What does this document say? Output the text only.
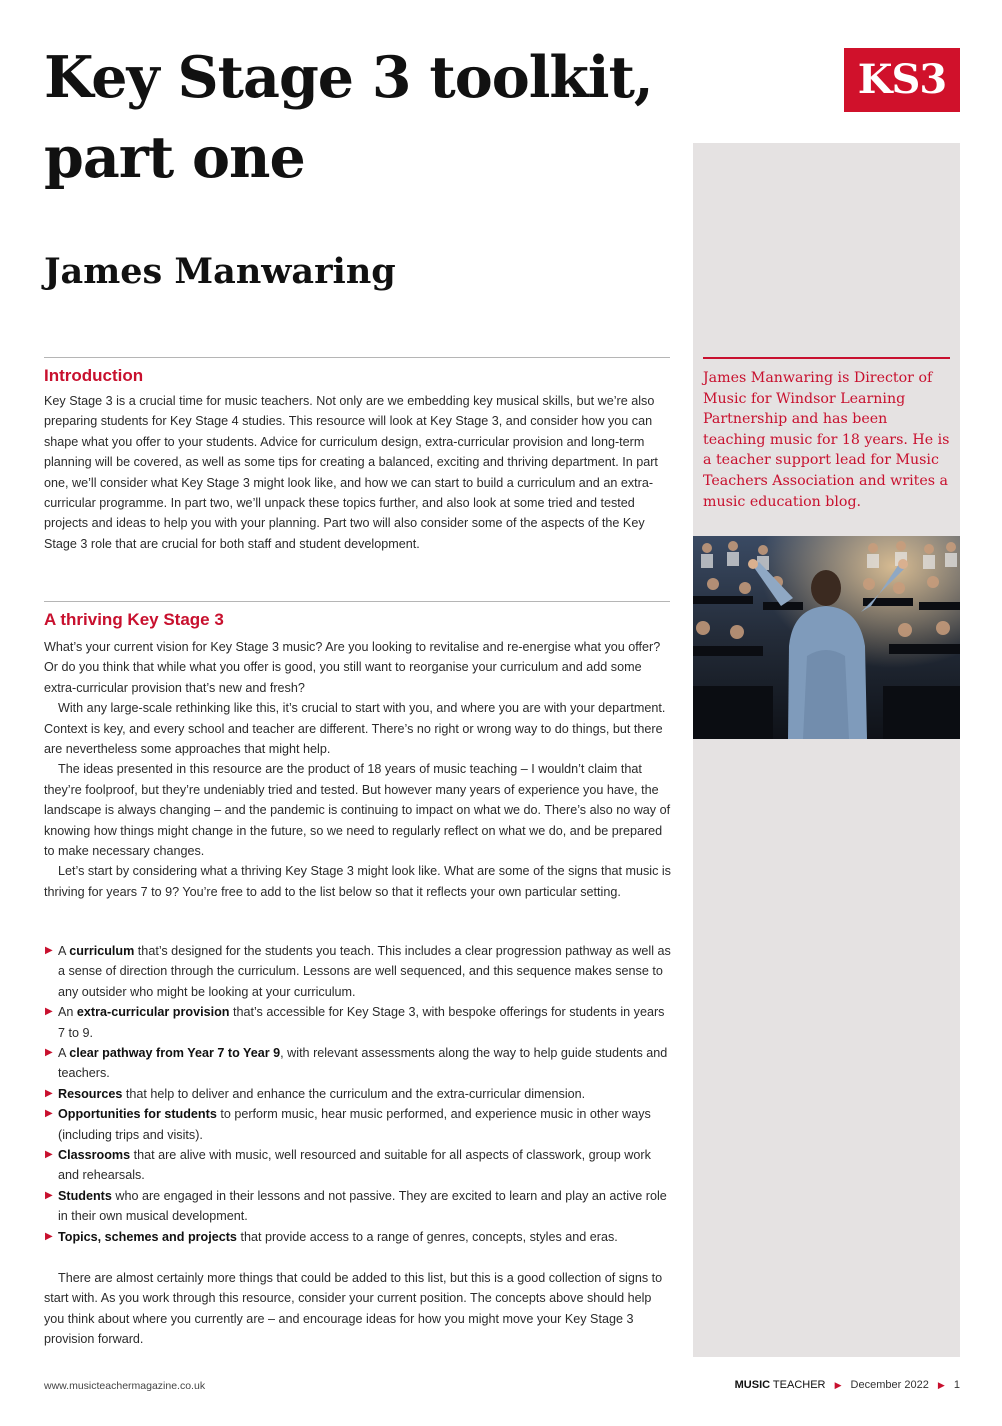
Key Stage 3 toolkit, part one
KS3
James Manwaring

James Manwaring is Director of Music for Windsor Learning Partnership and has been teaching music for 18 years. He is a teacher support lead for Music Teachers Association and writes a music education blog.

Introduction

Key Stage 3 is a crucial time for music teachers. Not only are we embedding key musical skills, but we’re also preparing students for Key Stage 4 studies. This resource will look at Key Stage 3, and consider how you can shape what you offer to your students. Advice for curriculum design, extra-curricular provision and long-term planning will be covered, as well as some tips for creating a balanced, exciting and thriving department. In part one, we’ll consider what Key Stage 3 might look like, and how we can start to build a curriculum and an extra-curricular programme. In part two, we’ll unpack these topics further, and also look at some tried and tested projects and ideas to help you with your planning. Part two will also consider some of the aspects of the Key Stage 3 role that are crucial for both staff and student development.

A thriving Key Stage 3

What’s your current vision for Key Stage 3 music? Are you looking to revitalise and re-energise what you offer? Or do you think that while what you offer is good, you still want to reorganise your curriculum and add some extra-curricular provision that’s new and fresh?

With any large-scale rethinking like this, it’s crucial to start with you, and where you are with your department. Context is key, and every school and teacher are different. There’s no right or wrong way to do things, but there are nevertheless some approaches that might help.

The ideas presented in this resource are the product of 18 years of music teaching – I wouldn’t claim that they’re foolproof, but they’re undeniably tried and tested. But however many years of experience you have, the landscape is always changing – and the pandemic is continuing to impact on what we do. There’s also no way of knowing how things might change in the future, so we need to regularly reflect on what we do, and be prepared to make necessary changes.

Let’s start by considering what a thriving Key Stage 3 might look like. What are some of the signs that music is thriving for years 7 to 9? You’re free to add to the list below so that it reflects your own particular setting.

▶ A curriculum that’s designed for the students you teach. This includes a clear progression pathway as well as a sense of direction through the curriculum. Lessons are well sequenced, and this sequence makes sense to any outsider who might be looking at your curriculum.
▶ An extra-curricular provision that’s accessible for Key Stage 3, with bespoke offerings for students in years 7 to 9.
▶ A clear pathway from Year 7 to Year 9, with relevant assessments along the way to help guide students and teachers.
▶ Resources that help to deliver and enhance the curriculum and the extra-curricular dimension.
▶ Opportunities for students to perform music, hear music performed, and experience music in other ways (including trips and visits).
▶ Classrooms that are alive with music, well resourced and suitable for all aspects of classwork, group work and rehearsals.
▶ Students who are engaged in their lessons and not passive. They are excited to learn and play an active role in their own musical development.
▶ Topics, schemes and projects that provide access to a range of genres, concepts, styles and eras.

There are almost certainly more things that could be added to this list, but this is a good collection of signs to start with. As you work through this resource, consider your current position. The concepts above should help you think about where you currently are – and encourage ideas for how you might move your Key Stage 3 provision forward.

www.musicteachermagazine.co.uk	MUSIC TEACHER ▶ December 2022 ▶ 1
